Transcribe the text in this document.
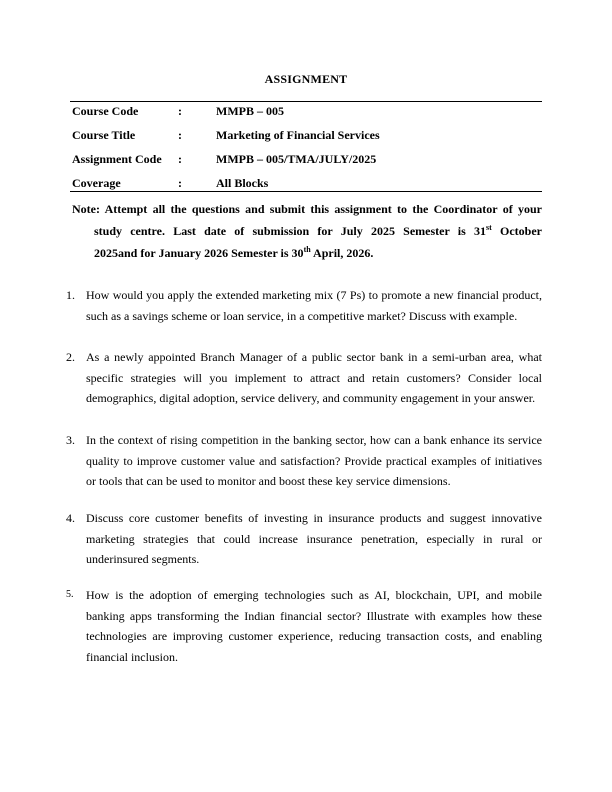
ASSIGNMENT
Course Code	:	MMPB – 005
Course Title	:	Marketing of Financial Services
Assignment Code :	MMPB – 005/TMA/JULY/2025
Coverage	:	All Blocks
Note: Attempt all the questions and submit this assignment to the Coordinator of your
study centre. Last date of submission for July 2025 Semester is 31st October
2025and for January 2026 Semester is 30th April, 2026.
1. How would you apply the extended marketing mix (7 Ps) to promote a new financial product,
such as a savings scheme or loan service, in a competitive market? Discuss with example.
2. As a newly appointed Branch Manager of a public sector bank in a semi-urban area, what
specific strategies will you implement to attract and retain customers? Consider local
demographics, digital adoption, service delivery, and community engagement in your answer.
3. In the context of rising competition in the banking sector, how can a bank enhance its service
quality to improve customer value and satisfaction? Provide practical examples of initiatives
or tools that can be used to monitor and boost these key service dimensions.
4. Discuss core customer benefits of investing in insurance products and suggest innovative
marketing strategies that could increase insurance penetration, especially in rural or
underinsured segments.
5.	How is the adoption of emerging technologies such as AI, blockchain, UPI, and mobile
banking apps transforming the Indian financial sector? Illustrate with examples how these
technologies are improving customer experience, reducing transaction costs, and enabling
financial inclusion.
